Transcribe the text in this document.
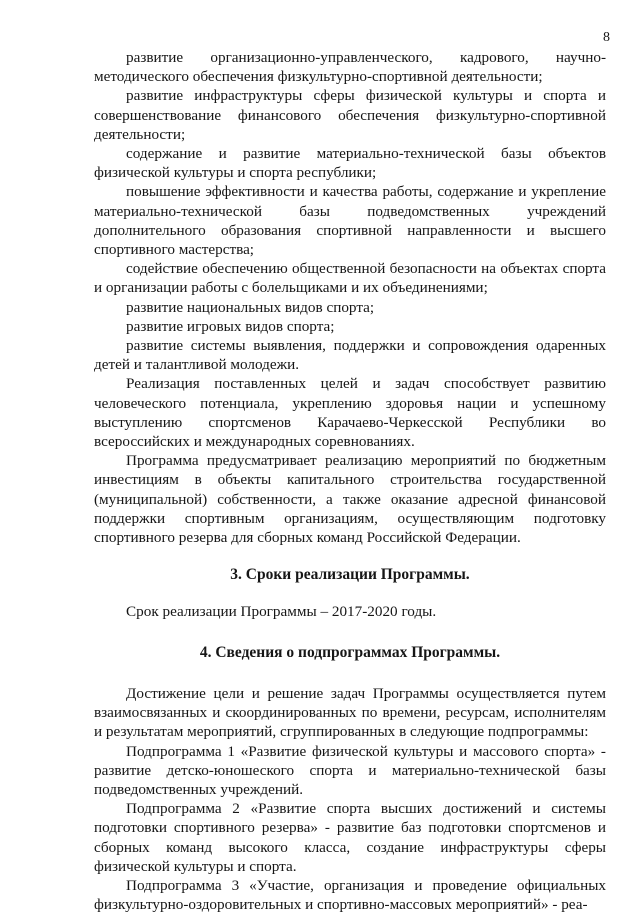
8

развитие организационно-управленческого, кадрового, научно-методического обеспечения физкультурно-спортивной деятельности;

развитие инфраструктуры сферы физической культуры и спорта и совершенствование финансового обеспечения физкультурно-спортивной деятельности;

содержание и развитие материально-технической базы объектов физической культуры и спорта республики;

повышение эффективности и качества работы, содержание и укрепление материально-технической базы подведомственных учреждений дополнительного образования спортивной направленности и высшего спортивного мастерства;

содействие обеспечению общественной безопасности на объектах спорта и организации работы с болельщиками и их объединениями;

развитие национальных видов спорта;

развитие игровых видов спорта;

развитие системы выявления, поддержки и сопровождения одаренных детей и талантливой молодежи.

Реализация поставленных целей и задач способствует развитию человеческого потенциала, укреплению здоровья нации и успешному выступлению спортсменов Карачаево-Черкесской Республики во всероссийских и международных соревнованиях.

Программа предусматривает реализацию мероприятий по бюджетным инвестициям в объекты капитального строительства государственной (муниципальной) собственности, а также оказание адресной финансовой поддержки спортивным организациям, осуществляющим подготовку спортивного резерва для сборных команд Российской Федерации.

3. Сроки реализации Программы.

Срок реализации Программы – 2017-2020 годы.

4. Сведения о подпрограммах Программы.

Достижение цели и решение задач Программы осуществляется путем взаимосвязанных и скоординированных по времени, ресурсам, исполнителям и результатам мероприятий, сгруппированных в следующие подпрограммы:

Подпрограмма 1 «Развитие физической культуры и массового спорта» - развитие детско-юношеского спорта и материально-технической базы подведомственных учреждений.

Подпрограмма 2 «Развитие спорта высших достижений и системы подготовки спортивного резерва» - развитие баз подготовки спортсменов и сборных команд высокого класса, создание инфраструктуры сферы физической культуры и спорта.

Подпрограмма 3 «Участие, организация и проведение официальных физкультурно-оздоровительных и спортивно-массовых мероприятий» - реа-
